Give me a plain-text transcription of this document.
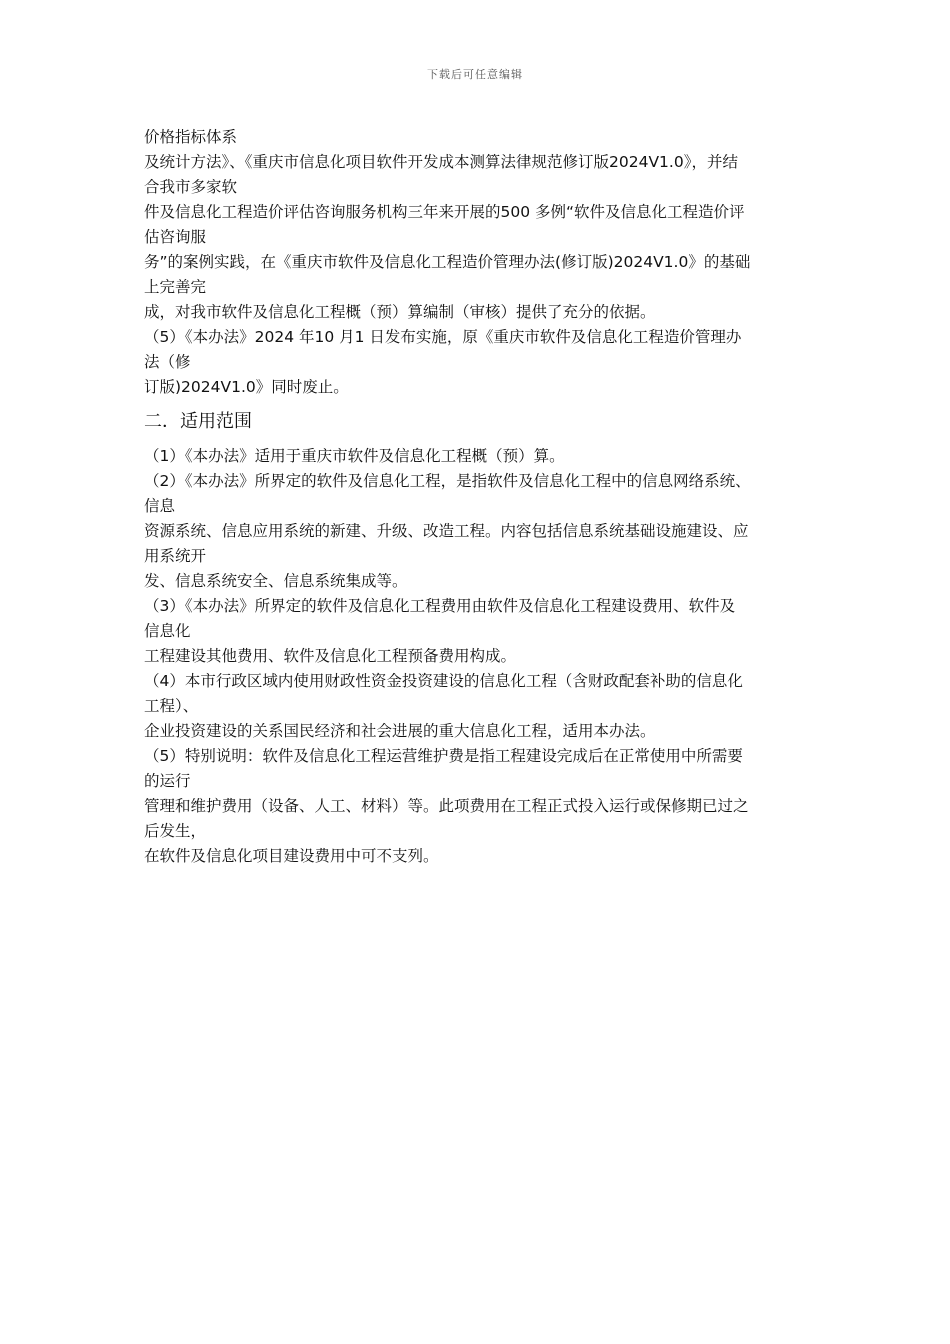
下载后可任意编辑
价格指标体系
及统计方法》、《重庆市信息化项目软件开发成本测算法律规范修订版2024V1.0》，并结
合我市多家软
件及信息化工程造价评估咨询服务机构三年来开展的500 多例“软件及信息化工程造价评
估咨询服
务”的案例实践，在《重庆市软件及信息化工程造价管理办法(修订版)2024V1.0》的基础
上完善完
成，对我市软件及信息化工程概（预）算编制（审核）提供了充分的依据。
（5）《本办法》2024 年10 月1 日发布实施，原《重庆市软件及信息化工程造价管理办
法（修
订版)2024V1.0》同时废止。
二．适用范围
（1）《本办法》适用于重庆市软件及信息化工程概（预）算。
（2）《本办法》所界定的软件及信息化工程，是指软件及信息化工程中的信息网络系统、
信息
资源系统、信息应用系统的新建、升级、改造工程。内容包括信息系统基础设施建设、应
用系统开
发、信息系统安全、信息系统集成等。
（3）《本办法》所界定的软件及信息化工程费用由软件及信息化工程建设费用、软件及
信息化
工程建设其他费用、软件及信息化工程预备费用构成。
（4）本市行政区域内使用财政性资金投资建设的信息化工程（含财政配套补助的信息化
工程）、
企业投资建设的关系国民经济和社会进展的重大信息化工程，适用本办法。
（5）特别说明：软件及信息化工程运营维护费是指工程建设完成后在正常使用中所需要
的运行
管理和维护费用（设备、人工、材料）等。此项费用在工程正式投入运行或保修期已过之
后发生，
在软件及信息化项目建设费用中可不支列。
